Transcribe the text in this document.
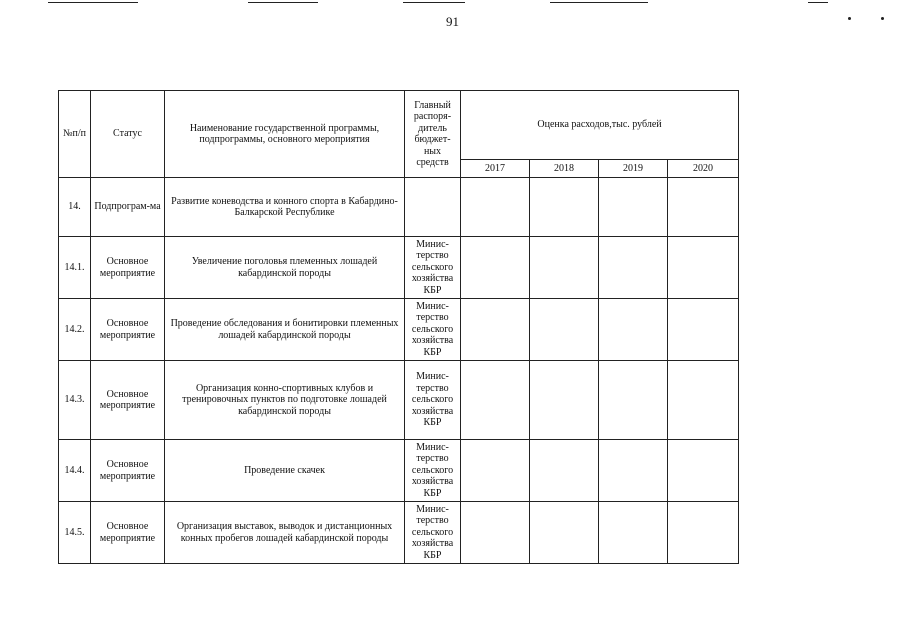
91
№п/п	Статус	Наименование государственной программы, подпрограммы, основного мероприятия	Главный распоря-дитель бюджет-ных средств	Оценка расходов,тыс. рублей			
				2017	2018	2019	2020
14.	Подпрограм-ма	Развитие коневодства и конного спорта в Кабардино-Балкарской Республике					
14.1.	Основное мероприятие	Увеличение поголовья племенных лошадей кабардинской породы	Минис-терство сельского хозяйства КБР				
14.2.	Основное мероприятие	Проведение обследования и бонитировки племенных лошадей кабардинской породы	Минис-терство сельского хозяйства КБР				
14.3.	Основное мероприятие	Организация конно-спортивных клубов и тренировочных пунктов по подготовке лошадей кабардинской породы	Минис-терство сельского хозяйства КБР				
14.4.	Основное мероприятие	Проведение скачек	Минис-терство сельского хозяйства КБР				
14.5.	Основное мероприятие	Организация выставок, выводок и дистанционных конных пробегов лошадей кабардинской породы	Минис-терство сельского хозяйства КБР				
